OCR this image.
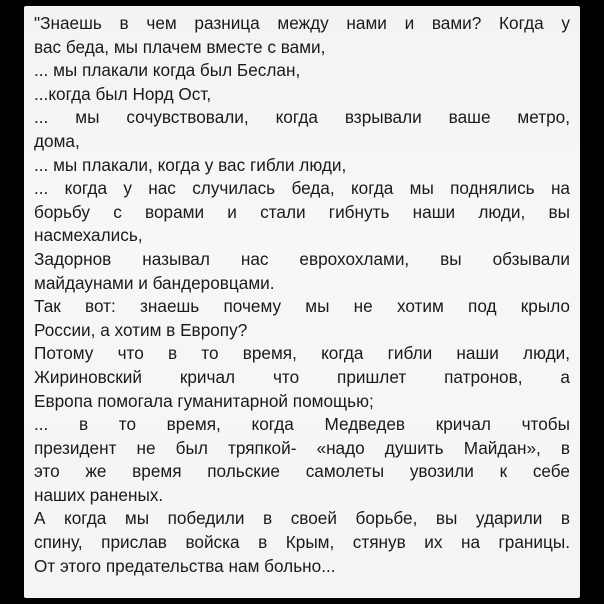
"Знаешь в чем разница между нами и вами? Когда у
вас беда, мы плачем вместе с вами,
... мы плакали когда был Беслан,
...когда был Норд Ост,
... мы сочувствовали, когда взрывали ваше метро,
дома,
... мы плакали, когда у вас гибли люди,
... когда у нас случилась беда, когда мы поднялись на
борьбу с ворами и стали гибнуть наши люди, вы
насмехались,
Задорнов называл нас еврохохлами, вы обзывали
майдаунами и бандеровцами.
Так вот: знаешь почему мы не хотим под крыло
России, а хотим в Европу?
Потому что в то время, когда гибли наши люди,
Жириновский кричал что пришлет патронов, а
Европа помогала гуманитарной помощью;
... в то время, когда Медведев кричал чтобы
президент не был тряпкой- «надо душить Майдан», в
это же время польские самолеты увозили к себе
наших раненых.
А когда мы победили в своей борьбе, вы ударили в
спину, прислав войска в Крым, стянув их на границы.
От этого предательства нам больно...
